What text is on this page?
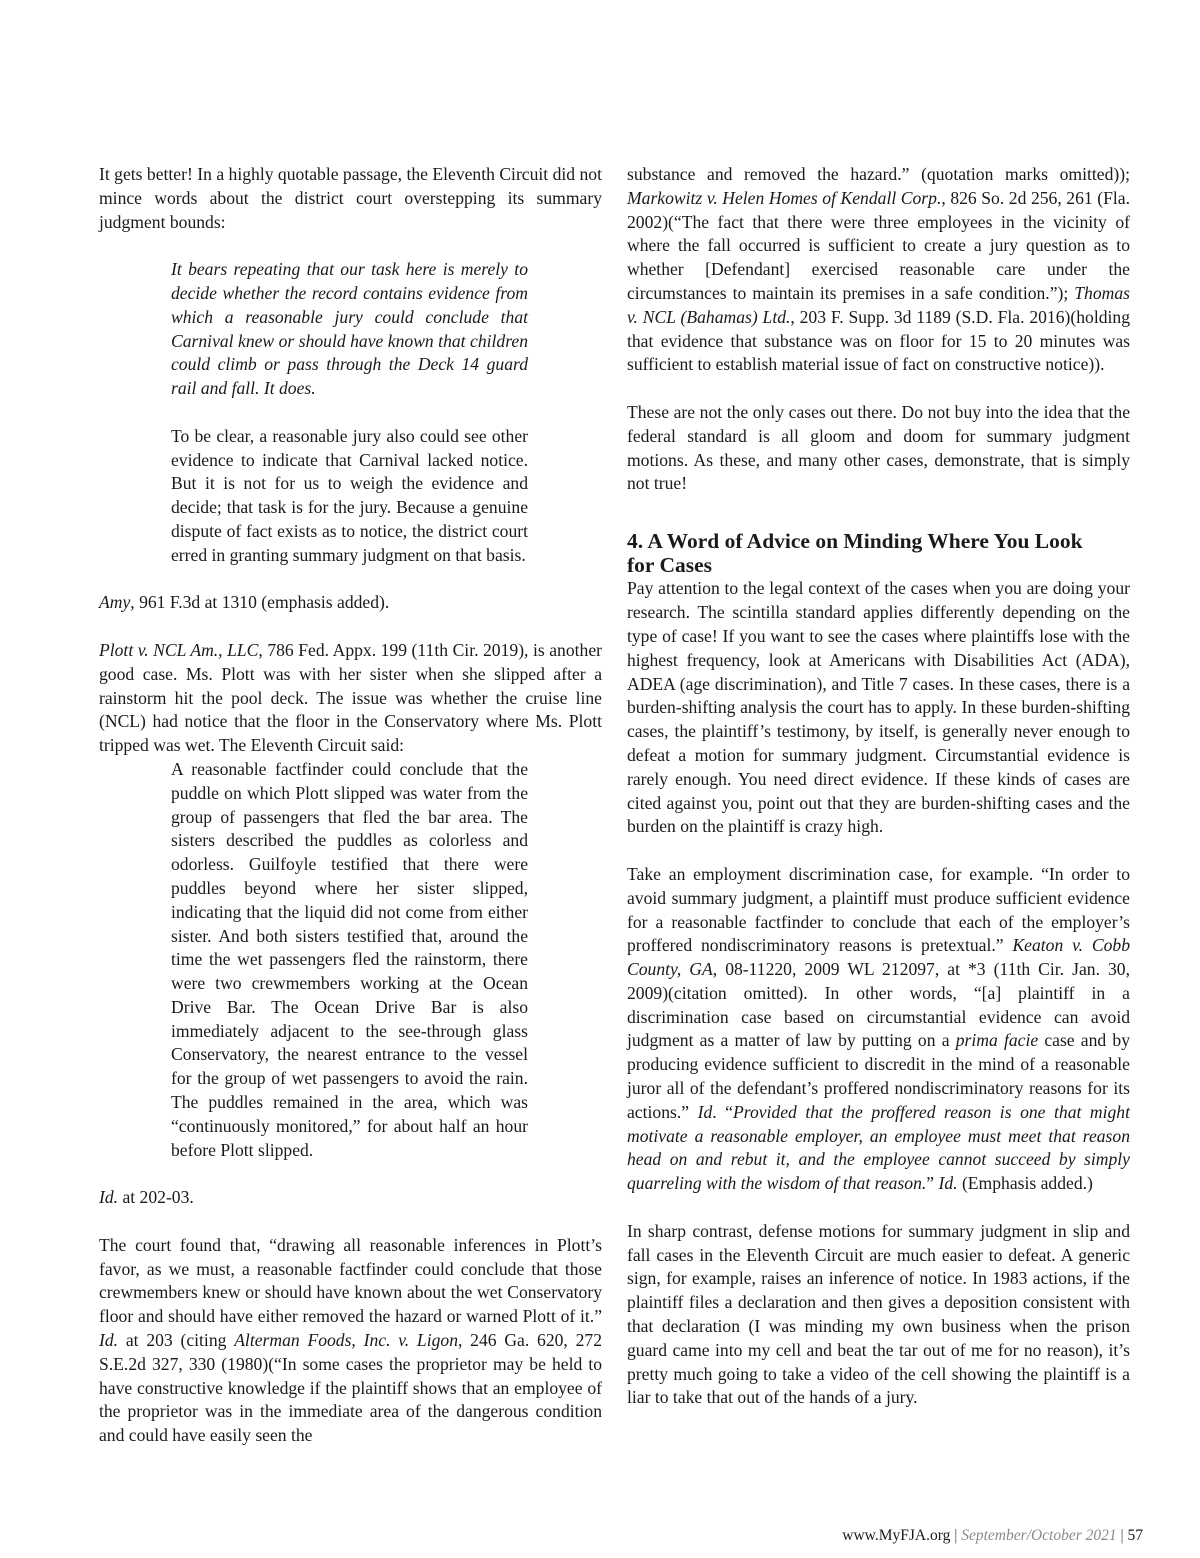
It gets better! In a highly quotable passage, the Eleventh Circuit did not mince words about the district court overstepping its summary judgment bounds:

It bears repeating that our task here is merely to decide whether the record contains evidence from which a reasonable jury could conclude that Carnival knew or should have known that children could climb or pass through the Deck 14 guard rail and fall. It does.

To be clear, a reasonable jury also could see other evidence to indicate that Carnival lacked notice. But it is not for us to weigh the evidence and decide; that task is for the jury. Because a genuine dispute of fact exists as to notice, the district court erred in granting summary judgment on that basis.

Amy, 961 F.3d at 1310 (emphasis added).

Plott v. NCL Am., LLC, 786 Fed. Appx. 199 (11th Cir. 2019), is another good case. Ms. Plott was with her sister when she slipped after a rainstorm hit the pool deck. The issue was whether the cruise line (NCL) had notice that the floor in the Conservatory where Ms. Plott tripped was wet. The Eleventh Circuit said:

A reasonable factfinder could conclude that the puddle on which Plott slipped was water from the group of passengers that fled the bar area. The sisters described the puddles as colorless and odorless. Guilfoyle testified that there were puddles beyond where her sister slipped, indicating that the liquid did not come from either sister. And both sisters testified that, around the time the wet passengers fled the rainstorm, there were two crewmembers working at the Ocean Drive Bar. The Ocean Drive Bar is also immediately adjacent to the see-through glass Conservatory, the nearest entrance to the vessel for the group of wet passengers to avoid the rain. The puddles remained in the area, which was “continuously monitored,” for about half an hour before Plott slipped.

Id. at 202-03.

The court found that, “drawing all reasonable inferences in Plott’s favor, as we must, a reasonable factfinder could conclude that those crewmembers knew or should have known about the wet Conservatory floor and should have either removed the hazard or warned Plott of it.” Id. at 203 (citing Alterman Foods, Inc. v. Ligon, 246 Ga. 620, 272 S.E.2d 327, 330 (1980)(“In some cases the proprietor may be held to have constructive knowledge if the plaintiff shows that an employee of the proprietor was in the immediate area of the dangerous condition and could have easily seen the

substance and removed the hazard.” (quotation marks omitted)); Markowitz v. Helen Homes of Kendall Corp., 826 So. 2d 256, 261 (Fla. 2002)(“The fact that there were three employees in the vicinity of where the fall occurred is sufficient to create a jury question as to whether [Defendant] exercised reasonable care under the circumstances to maintain its premises in a safe condition.”); Thomas v. NCL (Bahamas) Ltd., 203 F. Supp. 3d 1189 (S.D. Fla. 2016)(holding that evidence that substance was on floor for 15 to 20 minutes was sufficient to establish material issue of fact on constructive notice)).

These are not the only cases out there. Do not buy into the idea that the federal standard is all gloom and doom for summary judgment motions. As these, and many other cases, demonstrate, that is simply not true!

4. A Word of Advice on Minding Where You Look for Cases

Pay attention to the legal context of the cases when you are doing your research. The scintilla standard applies differently depending on the type of case! If you want to see the cases where plaintiffs lose with the highest frequency, look at Americans with Disabilities Act (ADA), ADEA (age discrimination), and Title 7 cases. In these cases, there is a burden-shifting analysis the court has to apply. In these burden-shifting cases, the plaintiff’s testimony, by itself, is generally never enough to defeat a motion for summary judgment. Circumstantial evidence is rarely enough. You need direct evidence. If these kinds of cases are cited against you, point out that they are burden-shifting cases and the burden on the plaintiff is crazy high.

Take an employment discrimination case, for example. “In order to avoid summary judgment, a plaintiff must produce sufficient evidence for a reasonable factfinder to conclude that each of the employer’s proffered nondiscriminatory reasons is pretextual.” Keaton v. Cobb County, GA, 08-11220, 2009 WL 212097, at *3 (11th Cir. Jan. 30, 2009)(citation omitted). In other words, “[a] plaintiff in a discrimination case based on circumstantial evidence can avoid judgment as a matter of law by putting on a prima facie case and by producing evidence sufficient to discredit in the mind of a reasonable juror all of the defendant’s proffered nondiscriminatory reasons for its actions.” Id. “Provided that the proffered reason is one that might motivate a reasonable employer, an employee must meet that reason head on and rebut it, and the employee cannot succeed by simply quarreling with the wisdom of that reason.” Id. (Emphasis added.)

In sharp contrast, defense motions for summary judgment in slip and fall cases in the Eleventh Circuit are much easier to defeat. A generic sign, for example, raises an inference of notice. In 1983 actions, if the plaintiff files a declaration and then gives a deposition consistent with that declaration (I was minding my own business when the prison guard came into my cell and beat the tar out of me for no reason), it’s pretty much going to take a video of the cell showing the plaintiff is a liar to take that out of the hands of a jury.

www.MyFJA.org | September/October 2021 | 57
